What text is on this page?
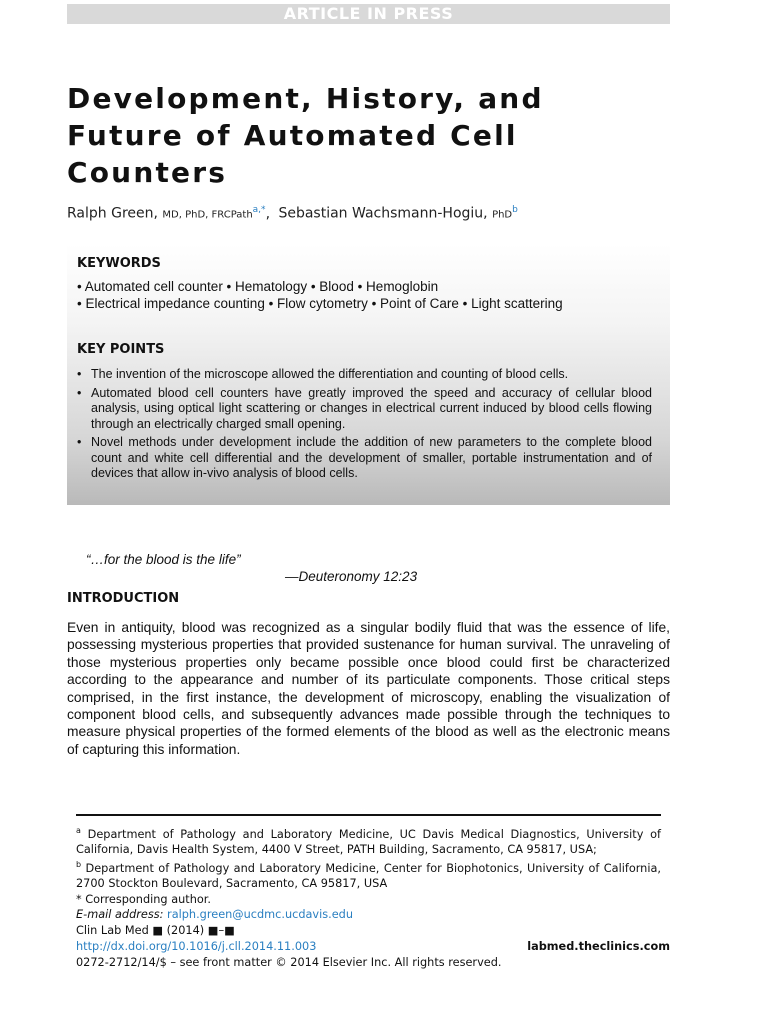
ARTICLE IN PRESS
Development, History, and Future of Automated Cell Counters
Ralph Green, MD, PhD, FRCPath$^{a,*}$, Sebastian Wachsmann-Hogiu, PhD$^b$

KEYWORDS

• Automated cell counter • Hematology • Blood • Hemoglobin

• Electrical impedance counting • Flow cytometry • Point of Care • Light scattering

KEY POINTS

• The invention of the microscope allowed the differentiation and counting of blood cells.
• Automated blood cell counters have greatly improved the speed and accuracy of cellular blood analysis, using optical light scattering or changes in electrical current induced by blood cells flowing through an electrically charged small opening.
• Novel methods under development include the addition of new parameters to the complete blood count and white cell differential and the development of smaller, portable instrumentation and of devices that allow in-vivo analysis of blood cells.
“…for the blood is the life”
—Deuteronomy 12:23
INTRODUCTION

Even in antiquity, blood was recognized as a singular bodily fluid that was the essence of life, possessing mysterious properties that provided sustenance for human survival. The unraveling of those mysterious properties only became possible once blood could first be characterized according to the appearance and number of its particulate components. Those critical steps comprised, in the first instance, the development of microscopy, enabling the visualization of component blood cells, and subsequently advances made possible through the techniques to measure physical properties of the formed elements of the blood as well as the electronic means of capturing this information.

$^a$ Department of Pathology and Laboratory Medicine, UC Davis Medical Diagnostics, University of California, Davis Health System, 4400 V Street, PATH Building, Sacramento, CA 95817, USA;

$^b$ Department of Pathology and Laboratory Medicine, Center for Biophotonics, University of California, 2700 Stockton Boulevard, Sacramento, CA 95817, USA

* Corresponding author.

E-mail address: ralph.green@ucdmc.ucdavis.edu

Clin Lab Med ■ (2014) ■–■

http://dx.doi.org/10.1016/j.cll.2014.11.003	labmed.theclinics.com

0272-2712/14/$ – see front matter © 2014 Elsevier Inc. All rights reserved.
